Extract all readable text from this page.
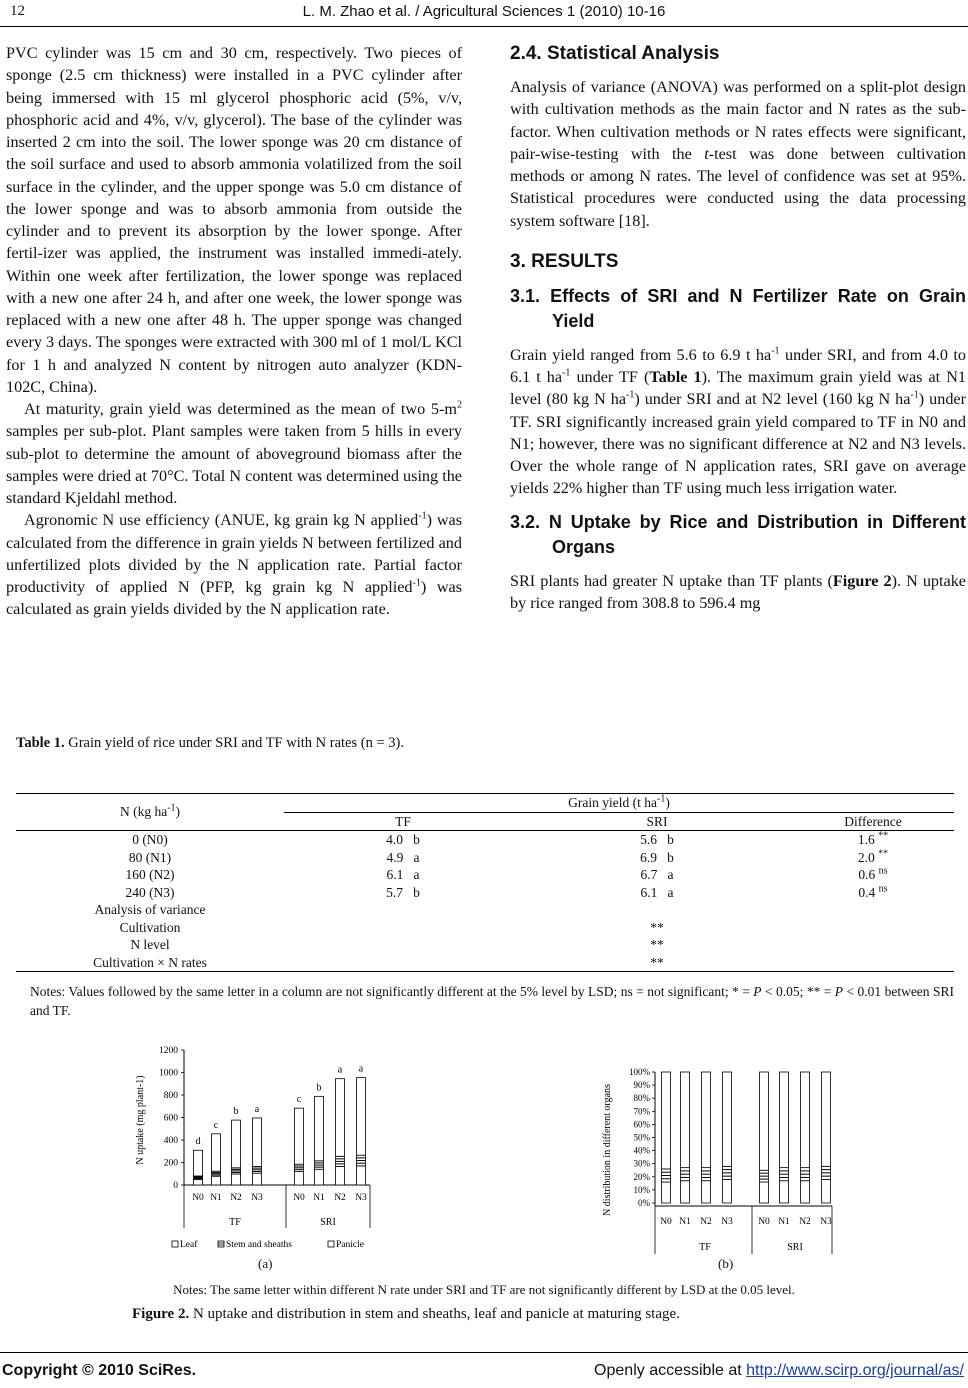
12	L. M. Zhao et al. / Agricultural Sciences 1 (2010) 10-16

PVC cylinder was 15 cm and 30 cm, respectively. Two pieces of sponge (2.5 cm thickness) were installed in a PVC cylinder after being immersed with 15 ml glycerol phosphoric acid (5%, v/v, phosphoric acid and 4%, v/v, glycerol). The base of the cylinder was inserted 2 cm into the soil. The lower sponge was 20 cm distance of the soil surface and used to absorb ammonia volatilized from the soil surface in the cylinder, and the upper sponge was 5.0 cm distance of the lower sponge and was to absorb ammonia from outside the cylinder and to prevent its absorption by the lower sponge. After fertil-izer was applied, the instrument was installed immedi-ately. Within one week after fertilization, the lower sponge was replaced with a new one after 24 h, and after one week, the lower sponge was replaced with a new one after 48 h. The upper sponge was changed every 3 days. The sponges were extracted with 300 ml of 1 mol/L KCl for 1 h and analyzed N content by nitrogen auto analyzer (KDN-102C, China).

At maturity, grain yield was determined as the mean of two $5-m^2$ samples per sub-plot. Plant samples were taken from 5 hills in every sub-plot to determine the amount of aboveground biomass after the samples were dried at 70°C. Total N content was determined using the standard Kjeldahl method.

Agronomic N use efficiency (ANUE, kg grain kg N applied$^{-1}$) was calculated from the difference in grain yields N between fertilized and unfertilized plots divided by the N application rate. Partial factor productivity of applied N (PFP, kg grain kg N applied$^{-1}$) was calculated as grain yields divided by the N application rate.

2.4. Statistical Analysis

Analysis of variance (ANOVA) was performed on a split-plot design with cultivation methods as the main factor and N rates as the sub-factor. When cultivation methods or N rates effects were significant, pair-wise-testing with the t-test was done between cultivation methods or among N rates. The level of confidence was set at 95%. Statistical procedures were conducted using the data processing system software [18].

3. RESULTS
3.1. Effects of SRI and N Fertilizer Rate on Grain Yield

Grain yield ranged from 5.6 to 6.9 t $ha^{-1}$ under SRI, and from 4.0 to 6.1 t $ha^{-1}$ under TF (Table 1). The maximum grain yield was at N1 level (80 kg N $ha^{-1}$) under SRI and at N2 level (160 kg N $ha^{-1}$) under TF. SRI significantly increased grain yield compared to TF in N0 and N1; however, there was no significant difference at N2 and N3 levels. Over the whole range of N application rates, SRI gave on average yields 22% higher than TF using much less irrigation water.

3.2. N Uptake by Rice and Distribution in Different Organs

SRI plants had greater N uptake than TF plants (Figure 2). N uptake by rice ranged from 308.8 to 596.4 mg

Table 1. Grain yield of rice under SRI and TF with N rates (n = 3).
N (kg $ha^{-1}$)	Grain yield (t $ha^{-1}$)		
	TF	SRI	Difference
0 (N0)	4.0 b	5.6 b	1.6 **
80 (N1)	4.9 a	6.9 b	2.0 **
160 (N2)	6.1 a	6.7 a	0.6 $^{ns}$
240 (N3)	5.7 b	6.1 a	0.4 $^{ns}$
Analysis of variance			
Cultivation		**	
N level		**	
Cultivation × N rates		**	
Notes: Values followed by the same letter in a column are not significantly different at the 5% level by LSD; ns = not significant; * = P < 0.05; ** = P < 0.01 between SRI and TF.
0
200
400
600
800
1000
1200
d
c
b a
c
b
a a
N0 N1 N2 N3	N0 N1 N2 N3
TF	SRI
N uptake (mg plant-1)
Leaf	Stem and sheaths	Panicle
(a)
0%
10%
20%
30%
40%
50%
60%
70%
80%
90%
100%
N0 N1 N2 N3	N0 N1 N2 N3
TF	SRI
N distribution in different organs
(b)
Notes: The same letter within different N rate under SRI and TF are not significantly different by LSD at the 0.05 level.
Figure 2. N uptake and distribution in stem and sheaths, leaf and panicle at maturing stage.
Copyright © 2010 SciRes.	Openly accessible at http://www.scirp.org/journal/as/
